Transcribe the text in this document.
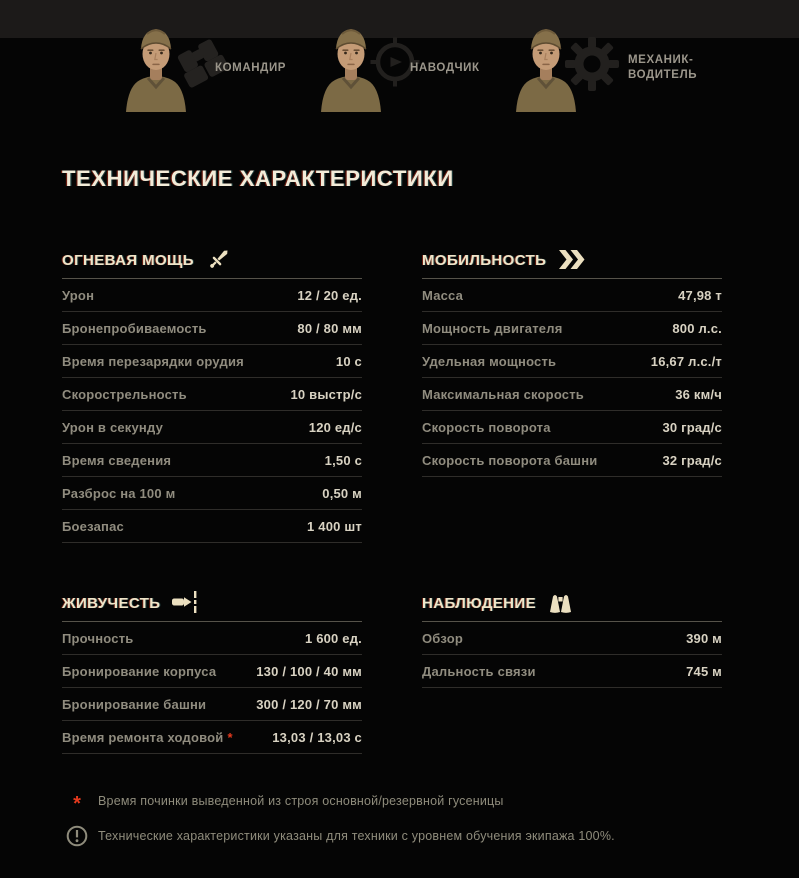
КОМАНДИР	НАВОДЧИК
МЕХАНИК-ВОДИТЕЛЬ
ТЕХНИЧЕСКИЕ ХАРАКТЕРИСТИКИ
ОГНЕВАЯ МОЩЬ
Урон	12 / 20 ед.
Бронепробиваемость	80 / 80 мм
Время перезарядки орудия	10 с
Скорострельность	10 выстр/с
Урон в секунду	120 ед/с
Время сведения	1,50 с
Разброс на 100 м	0,50 м
Боезапас	1 400 шт
МОБИЛЬНОСТЬ
Масса	47,98 т
Мощность двигателя	800 л.с.
Удельная мощность	16,67 л.с./т
Максимальная скорость	36 км/ч
Скорость поворота	30 град/с
Скорость поворота башни	32 град/с
ЖИВУЧЕСТЬ
Прочность	1 600 ед.
Бронирование корпуса	130 / 100 / 40 мм
Бронирование башни	300 / 120 / 70 мм
Время ремонта ходовой *	13,03 / 13,03 с
НАБЛЮДЕНИЕ
Обзор	390 м
Дальность связи	745 м
* Время починки выведенной из строя основной/резервной гусеницы
Технические характеристики указаны для техники с уровнем обучения экипажа 100%.
